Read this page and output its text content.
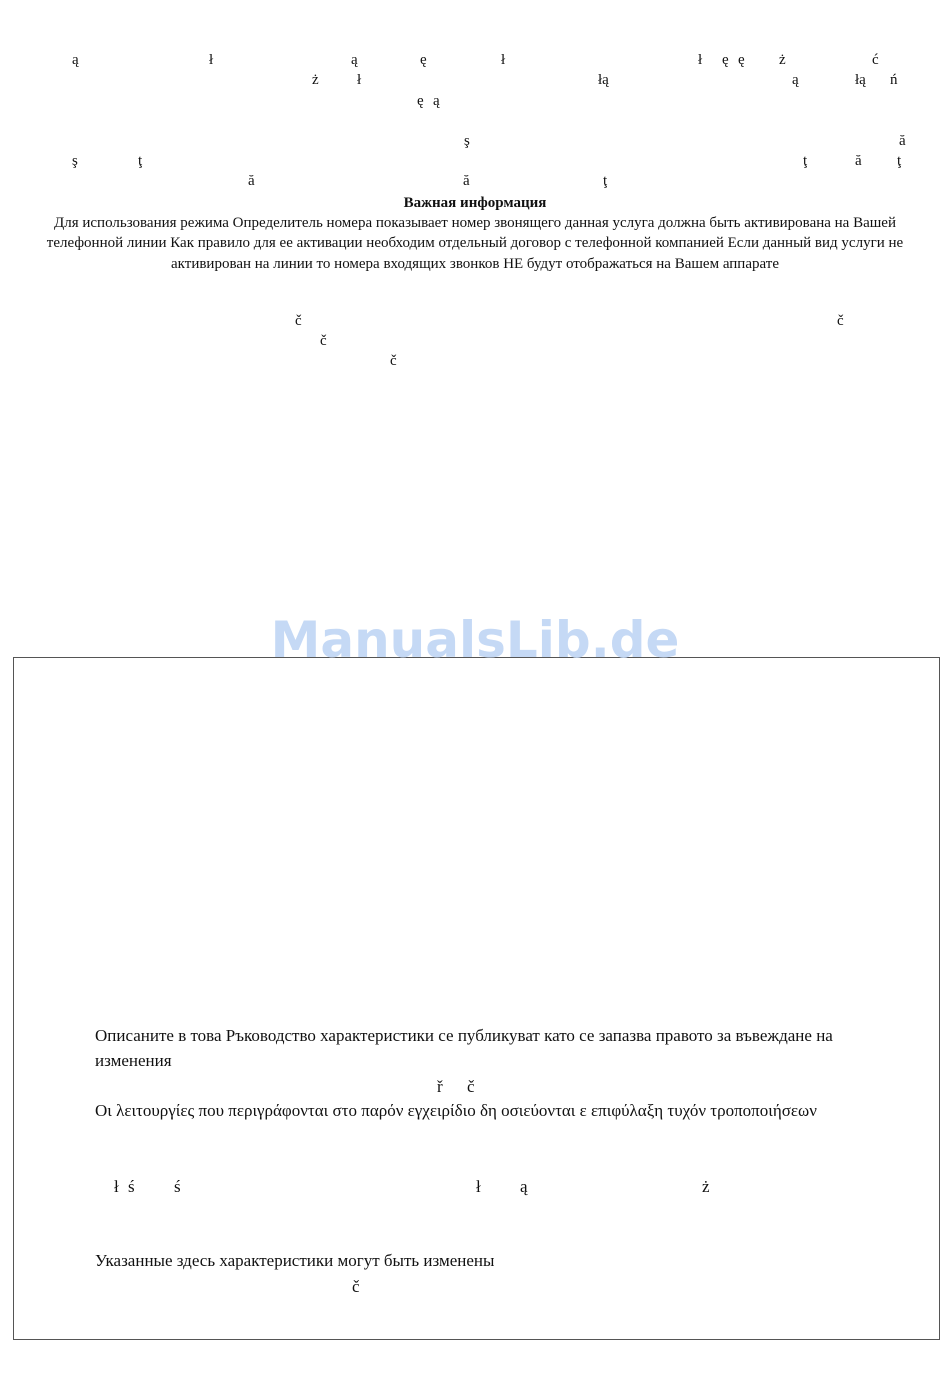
ą	ł	ą	ę	ł	ł ę ę ż	ć
ż	ł	łą	ą	łą ń
ę ą
ş	ă
ş	ţ	ţ	ă ţ
ă	ă	ţ
Важная информация

Для использования режима Определитель номера показывает номер звонящего данная услуга должна быть активирована на Вашей телефонной линии Как правило для ее активации необходим отдельный договор с телефонной компанией Если данный вид услуги не активирован на линии то номера входящих звонков НЕ будут отображаться на Вашем аппарате

č	č
č
č
ManualsLib.de

Описаните в това Ръководство характеристики се публикуват като се запазва правото за въвеждане на изменения

ř č

Οι λειτουργίες που περιγράφονται στο παρόν εγχειρίδιο δη οσιεύονται ε επιφύλαξη τυχόν τροποποιήσεων

ł ś ś	ł ą	ż

Указанные здесь характеристики могут быть изменены

č
